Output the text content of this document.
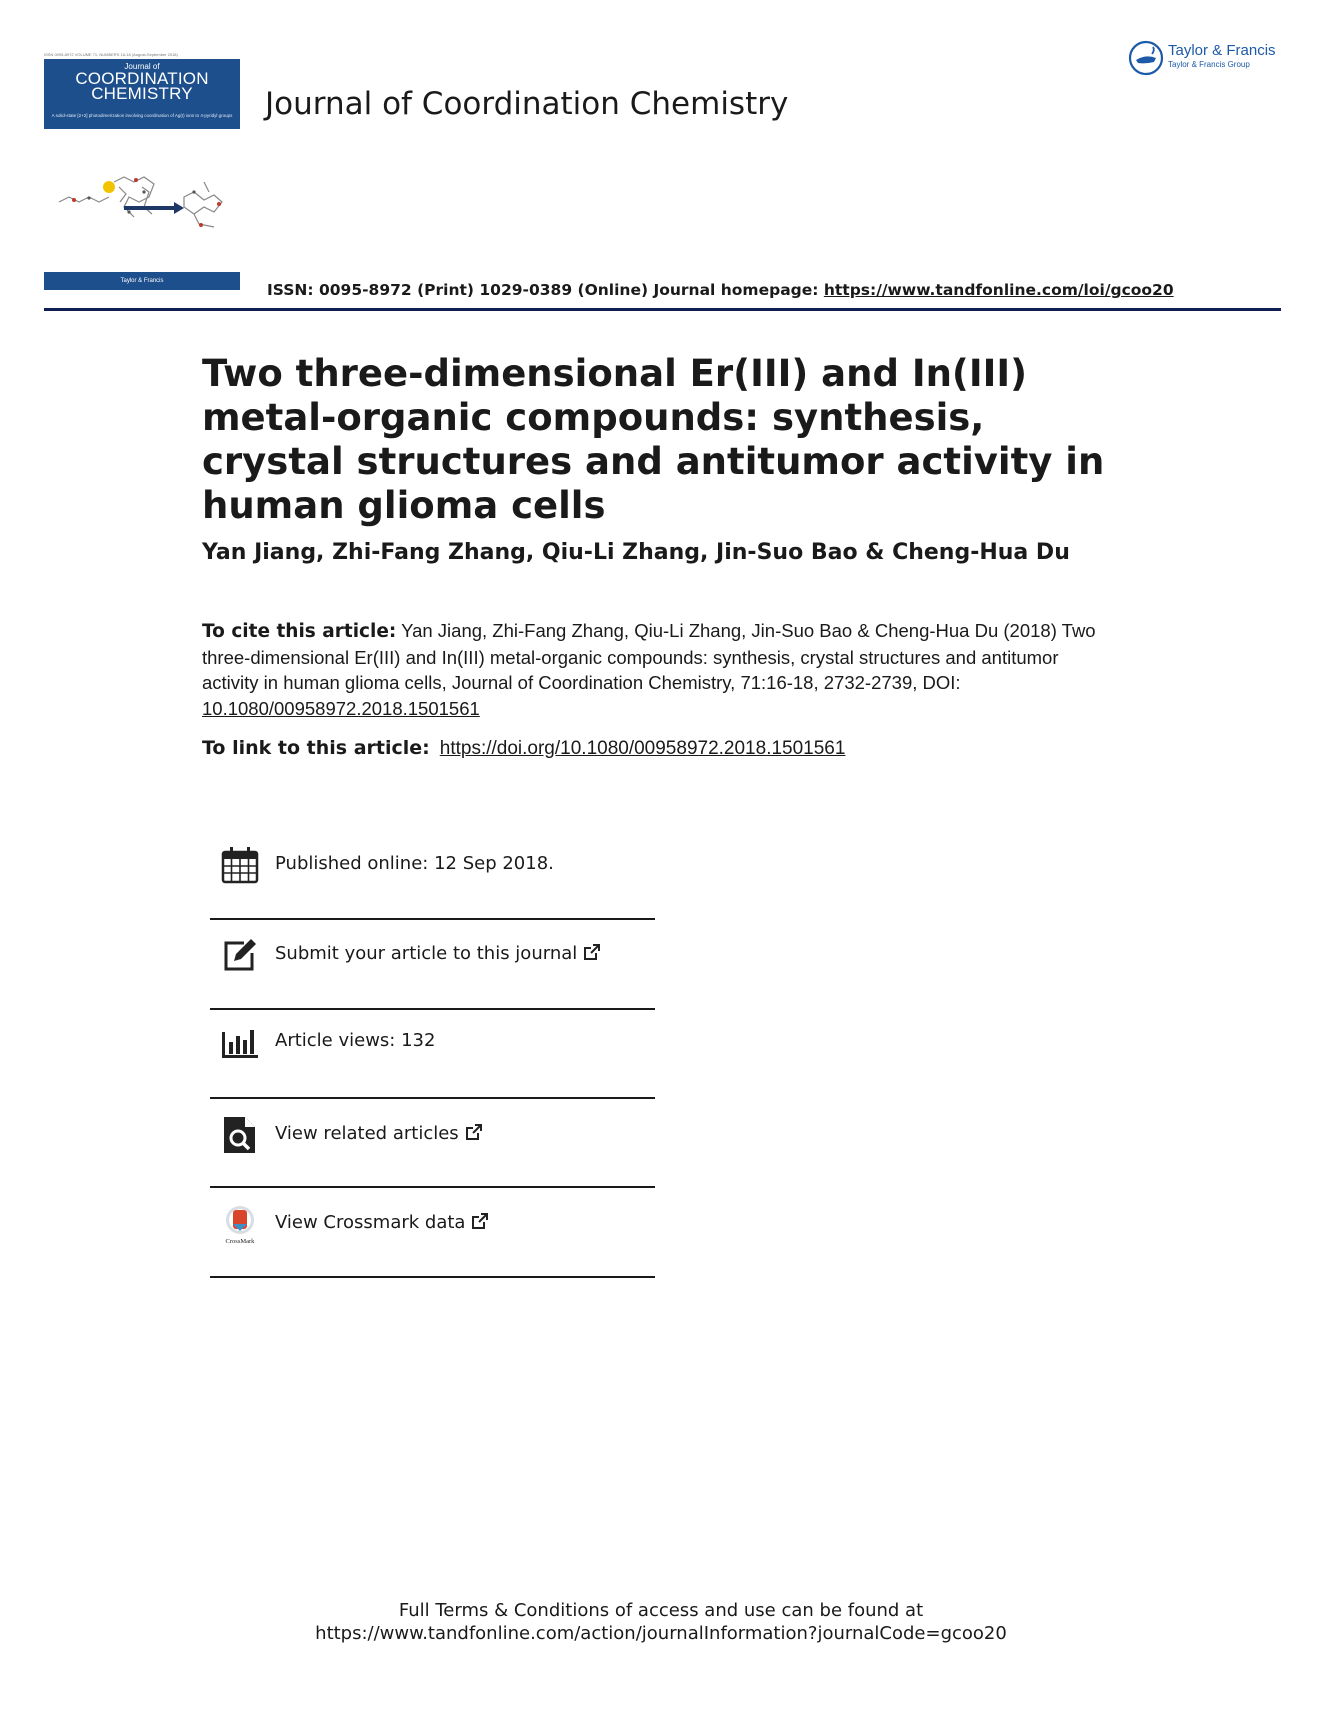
ISSN 0095-8972 VOLUME 71, NUMBERS 16-18 (August-September 2018)
Journal of
COORDINATION
CHEMISTRY
A solid-state [2+2] photodimerization involving coordination of Ag(I) ions to 4-pyridyl groups
Taylor & Francis
Journal of Coordination Chemistry
Taylor & Francis
Taylor & Francis Group
ISSN: 0095-8972 (Print) 1029-0389 (Online) Journal homepage: https://www.tandfonline.com/loi/gcoo20
Two three-dimensional Er(III) and In(III) metal-organic compounds: synthesis, crystal structures and antitumor activity in human glioma cells
Yan Jiang, Zhi-Fang Zhang, Qiu-Li Zhang, Jin-Suo Bao & Cheng-Hua Du
To cite this article: Yan Jiang, Zhi-Fang Zhang, Qiu-Li Zhang, Jin-Suo Bao & Cheng-Hua Du (2018) Two three-dimensional Er(III) and In(III) metal-organic compounds: synthesis, crystal structures and antitumor activity in human glioma cells, Journal of Coordination Chemistry, 71:16-18, 2732-2739, DOI: 10.1080/00958972.2018.1501561
To link to this article: https://doi.org/10.1080/00958972.2018.1501561
Published online: 12 Sep 2018.
Submit your article to this journal
Article views: 132
View related articles
CrossMark
View Crossmark data
Full Terms & Conditions of access and use can be found at
https://www.tandfonline.com/action/journalInformation?journalCode=gcoo20
